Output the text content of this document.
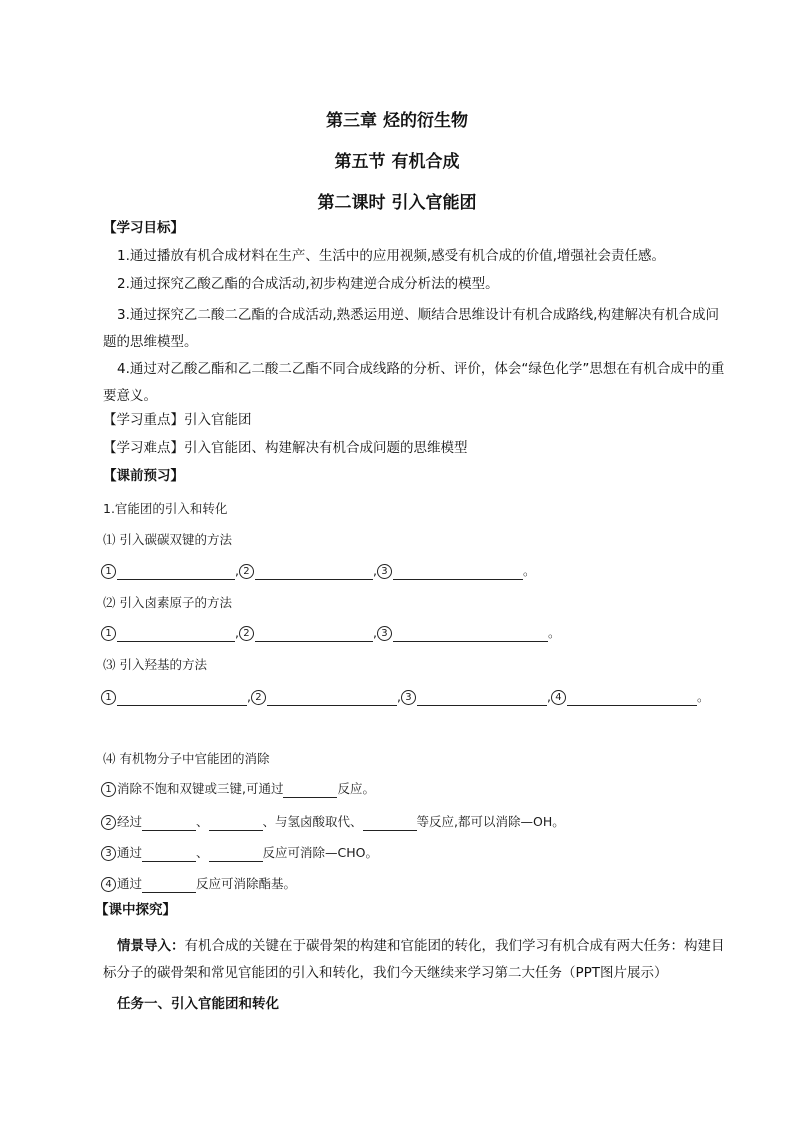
第三章 烃的衍生物
第五节 有机合成
第二课时 引入官能团
【学习目标】
1.通过播放有机合成材料在生产、生活中的应用视频,感受有机合成的价值,增强社会责任感。
2.通过探究乙酸乙酯的合成活动,初步构建逆合成分析法的模型。
3.通过探究乙二酸二乙酯的合成活动,熟悉运用逆、顺结合思维设计有机合成路线,构建解决有机合成问题的思维模型。
4.通过对乙酸乙酯和乙二酸二乙酯不同合成线路的分析、评价，体会“绿色化学”思想在有机合成中的重要意义。
【学习重点】引入官能团
【学习难点】引入官能团、构建解决有机合成问题的思维模型
【课前预习】
1.官能团的引入和转化
⑴ 引入碳碳双键的方法
1	, 2	, 3	。
⑵ 引入卤素原子的方法
1	, 2	, 3	。
⑶ 引入羟基的方法
1	, 2	, 3	, 4	。
⑷ 有机物分子中官能团的消除
1 消除不饱和双键或三键,可通过	反应。
2 经过	、	、与氢卤酸取代、	等反应,都可以消除—OH。
3 通过	、	反应可消除—CHO。
4 通过	反应可消除酯基。
【课中探究】
情景导入：有机合成的关键在于碳骨架的构建和官能团的转化，我们学习有机合成有两大任务：构建目标分子的碳骨架和常见官能团的引入和转化，我们今天继续来学习第二大任务（PPT图片展示）
任务一、引入官能团和转化
